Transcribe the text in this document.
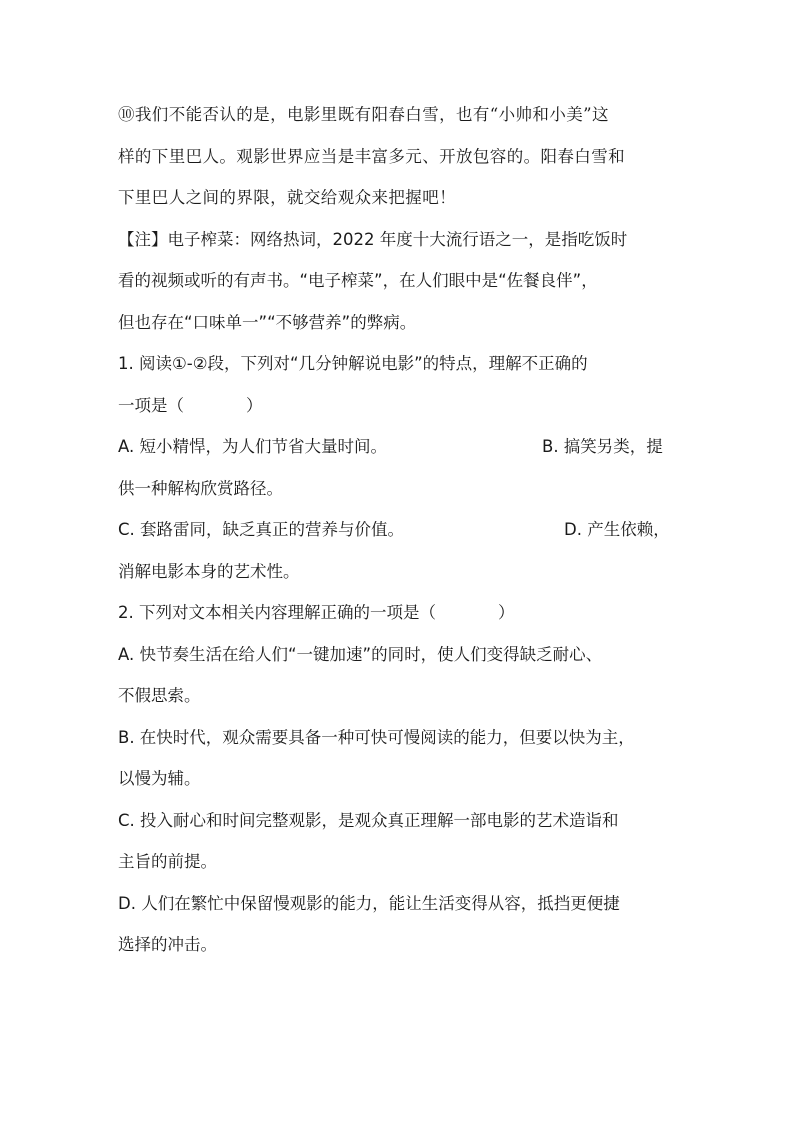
⑩我们不能否认的是，电影里既有阳春白雪，也有“小帅和小美”这
样的下里巴人。观影世界应当是丰富多元、开放包容的。阳春白雪和
下里巴人之间的界限，就交给观众来把握吧！
【注】电子榨菜：网络热词，2022 年度十大流行语之一，是指吃饭时
看的视频或听的有声书。“电子榨菜”，在人们眼中是“佐餐良伴”，
但也存在“口味单一”“不够营养”的弊病。
1. 阅读①-②段，下列对“几分钟解说电影”的特点，理解不正确的
一项是（	）
A. 短小精悍，为人们节省大量时间。	B. 搞笑另类，提
供一种解构欣赏路径。
C. 套路雷同，缺乏真正的营养与价值。	D. 产生依赖，
消解电影本身的艺术性。
2. 下列对文本相关内容理解正确的一项是（	）
A. 快节奏生活在给人们“一键加速”的同时，使人们变得缺乏耐心、
不假思索。
B. 在快时代，观众需要具备一种可快可慢阅读的能力，但要以快为主，
以慢为辅。
C. 投入耐心和时间完整观影，是观众真正理解一部电影的艺术造诣和
主旨的前提。
D. 人们在繁忙中保留慢观影的能力，能让生活变得从容，抵挡更便捷
选择的冲击。
